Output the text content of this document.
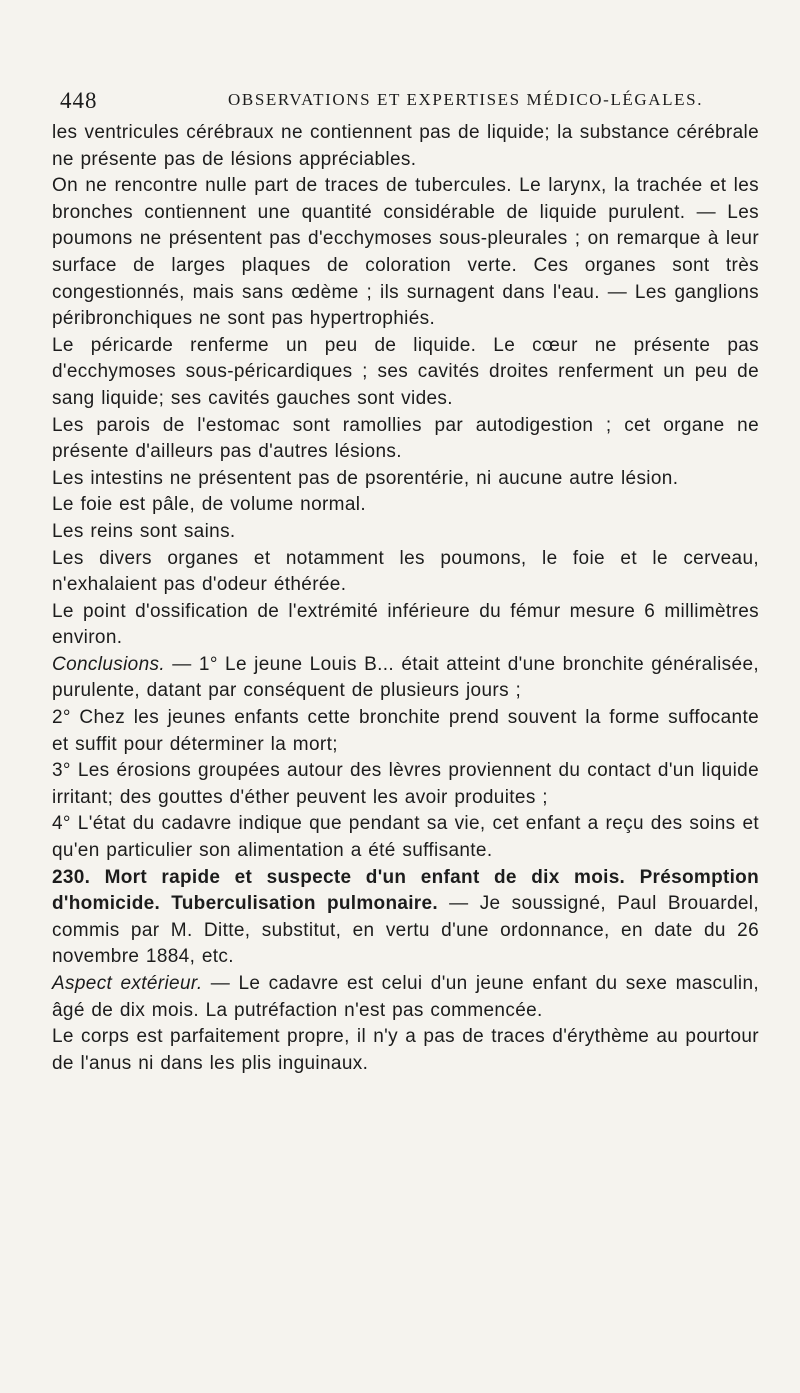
448	OBSERVATIONS ET EXPERTISES MÉDICO-LÉGALES.

les ventricules cérébraux ne contiennent pas de liquide; la substance cérébrale ne présente pas de lésions appréciables.

On ne rencontre nulle part de traces de tubercules. Le larynx, la trachée et les bronches contiennent une quantité considérable de liquide purulent. — Les poumons ne présentent pas d'ecchymoses sous-pleurales ; on remarque à leur surface de larges plaques de coloration verte. Ces organes sont très congestionnés, mais sans œdème ; ils surnagent dans l'eau. — Les ganglions péribronchiques ne sont pas hypertrophiés.

Le péricarde renferme un peu de liquide. Le cœur ne présente pas d'ecchymoses sous-péricardiques ; ses cavités droites renferment un peu de sang liquide; ses cavités gauches sont vides.

Les parois de l'estomac sont ramollies par autodigestion ; cet organe ne présente d'ailleurs pas d'autres lésions.

Les intestins ne présentent pas de psorentérie, ni aucune autre lésion.

Le foie est pâle, de volume normal.

Les reins sont sains.

Les divers organes et notamment les poumons, le foie et le cerveau, n'exhalaient pas d'odeur éthérée.

Le point d'ossification de l'extrémité inférieure du fémur mesure 6 millimètres environ.

Conclusions. — 1° Le jeune Louis B... était atteint d'une bronchite généralisée, purulente, datant par conséquent de plusieurs jours ;

2° Chez les jeunes enfants cette bronchite prend souvent la forme suffocante et suffit pour déterminer la mort;

3° Les érosions groupées autour des lèvres proviennent du contact d'un liquide irritant; des gouttes d'éther peuvent les avoir produites ;

4° L'état du cadavre indique que pendant sa vie, cet enfant a reçu des soins et qu'en particulier son alimentation a été suffisante.

230. Mort rapide et suspecte d'un enfant de dix mois. Présomption d'homicide. Tuberculisation pulmonaire. — Je soussigné, Paul Brouardel, commis par M. Ditte, substitut, en vertu d'une ordonnance, en date du 26 novembre 1884, etc.

Aspect extérieur. — Le cadavre est celui d'un jeune enfant du sexe masculin, âgé de dix mois. La putréfaction n'est pas commencée.

Le corps est parfaitement propre, il n'y a pas de traces d'érythème au pourtour de l'anus ni dans les plis inguinaux.
